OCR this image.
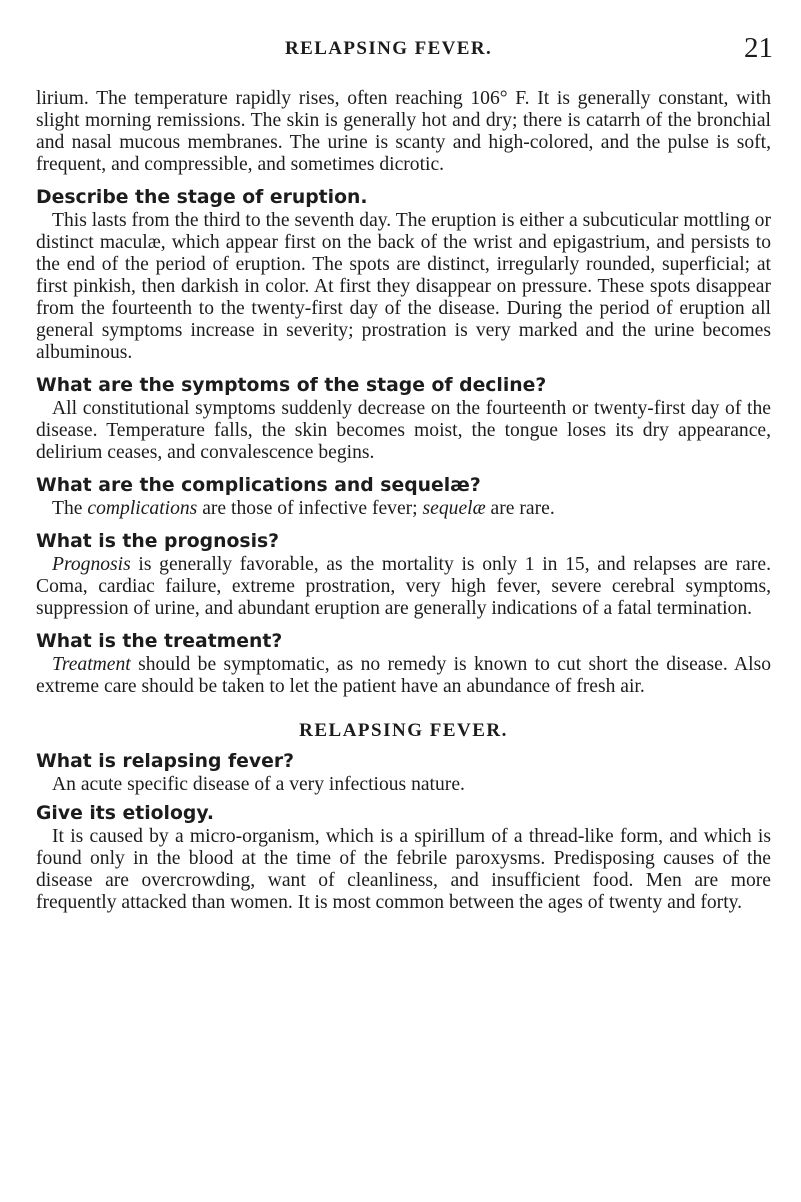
RELAPSING FEVER.	21

lirium. The temperature rapidly rises, often reaching 106° F. It is generally constant, with slight morning remissions. The skin is generally hot and dry; there is catarrh of the bronchial and nasal mucous membranes. The urine is scanty and high-colored, and the pulse is soft, frequent, and compressible, and sometimes dicrotic.

Describe the stage of eruption.

This lasts from the third to the seventh day. The eruption is either a subcuticular mottling or distinct maculæ, which appear first on the back of the wrist and epigastrium, and persists to the end of the period of eruption. The spots are distinct, irregularly rounded, superficial; at first pinkish, then darkish in color. At first they disappear on pressure. These spots disappear from the fourteenth to the twenty-first day of the disease. During the period of eruption all general symptoms increase in severity; prostration is very marked and the urine becomes albuminous.

What are the symptoms of the stage of decline?

All constitutional symptoms suddenly decrease on the fourteenth or twenty-first day of the disease. Temperature falls, the skin becomes moist, the tongue loses its dry appearance, delirium ceases, and convalescence begins.

What are the complications and sequelæ?

The complications are those of infective fever; sequelæ are rare.

What is the prognosis?

Prognosis is generally favorable, as the mortality is only 1 in 15, and relapses are rare. Coma, cardiac failure, extreme prostration, very high fever, severe cerebral symptoms, suppression of urine, and abundant eruption are generally indications of a fatal termination.

What is the treatment?

Treatment should be symptomatic, as no remedy is known to cut short the disease. Also extreme care should be taken to let the patient have an abundance of fresh air.

RELAPSING FEVER.
What is relapsing fever?

An acute specific disease of a very infectious nature.

Give its etiology.

It is caused by a micro-organism, which is a spirillum of a thread-like form, and which is found only in the blood at the time of the febrile paroxysms. Predisposing causes of the disease are overcrowding, want of cleanliness, and insufficient food. Men are more frequently attacked than women. It is most common between the ages of twenty and forty.
